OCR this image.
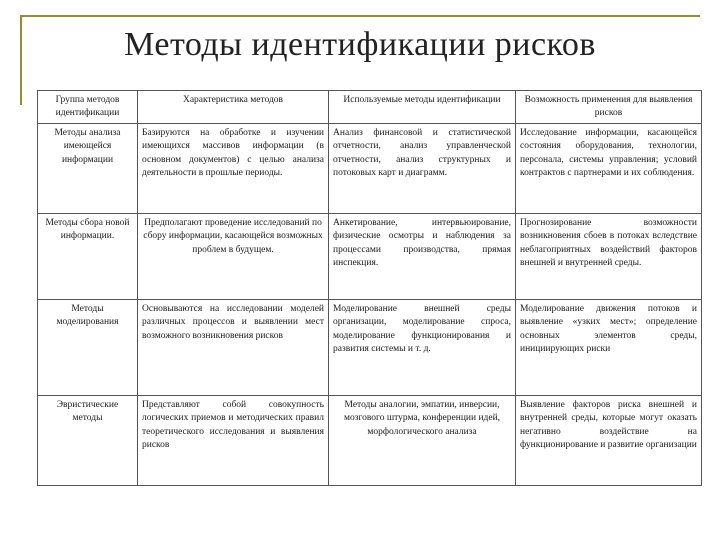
Методы идентификации рисков
Группа методов идентификации	Характеристика методов	Используемые методы идентификации	Возможность применения для выявления рисков
Методы анализа имеющейся информации	Базируются на обработке и изучении имеющихся массивов информации (в основном документов) с целью анализа деятельности в прошлые периоды.	Анализ финансовой и статистической отчетности, анализ управленческой отчетности, анализ структурных и потоковых карт и диаграмм.	Исследование информации, касающейся состояния оборудования, технологии, персонала, системы управления; условий контрактов с партнерами и их соблюдения.
Методы сбора новой информации.	Предполагают проведение исследований по сбору информации, касающейся возможных проблем в будущем.	Анкетирование, интервьюирование, физические осмотры и наблюдения за процессами производства, прямая инспекция.	Прогнозирование возможности возникновения сбоев в потоках вследствие неблагоприятных воздействий факторов внешней и внутренней среды.
Методы моделирования	Основываются на исследовании моделей различных процессов и выявлении мест возможного возникновения рисков	Моделирование внешней среды организации, моделирование спроса, моделирование функционирования и развития системы и т. д.	Моделирование движения потоков и выявление «узких мест»; определение основных элементов среды, инициирующих риски
Эвристические методы	Представляют собой совокупность логических приемов и методических правил теоретического исследования и выявления рисков	Методы аналогии, эмпатии, инверсии, мозгового штурма, конференции идей, морфологического анализа	Выявление факторов риска внешней и внутренней среды, которые могут оказать негативно воздействие на функционирование и развитие организации
